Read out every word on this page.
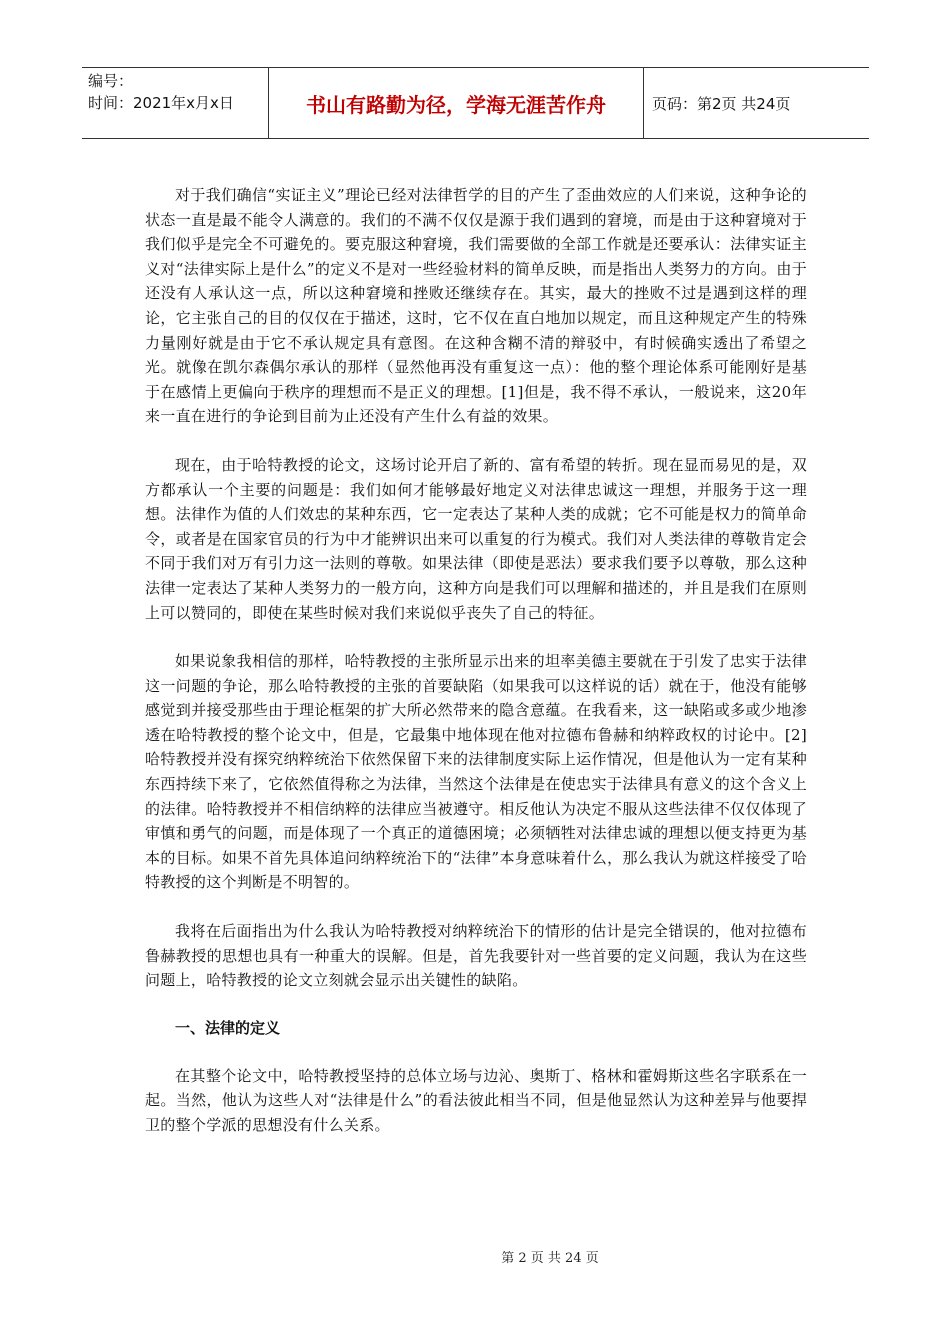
编号：
时间：2021年x月x日	书山有路勤为径，学海无涯苦作舟	页码：第2页 共24页

对于我们确信“实证主义”理论已经对法律哲学的目的产生了歪曲效应的人们来说，这种争论的状态一直是最不能令人满意的。我们的不满不仅仅是源于我们遇到的窘境，而是由于这种窘境对于我们似乎是完全不可避免的。要克服这种窘境，我们需要做的全部工作就是还要承认：法律实证主义对“法律实际上是什么”的定义不是对一些经验材料的简单反映，而是指出人类努力的方向。由于还没有人承认这一点，所以这种窘境和挫败还继续存在。其实，最大的挫败不过是遇到这样的理论，它主张自己的目的仅仅在于描述，这时，它不仅在直白地加以规定，而且这种规定产生的特殊力量刚好就是由于它不承认规定具有意图。在这种含糊不清的辩驳中，有时候确实透出了希望之光。就像在凯尔森偶尔承认的那样（显然他再没有重复这一点）：他的整个理论体系可能刚好是基于在感情上更偏向于秩序的理想而不是正义的理想。[1]但是，我不得不承认，一般说来，这20年来一直在进行的争论到目前为止还没有产生什么有益的效果。

现在，由于哈特教授的论文，这场讨论开启了新的、富有希望的转折。现在显而易见的是，双方都承认一个主要的问题是：我们如何才能够最好地定义对法律忠诚这一理想，并服务于这一理想。法律作为值的人们效忠的某种东西，它一定表达了某种人类的成就；它不可能是权力的简单命令，或者是在国家官员的行为中才能辨识出来可以重复的行为模式。我们对人类法律的尊敬肯定会不同于我们对万有引力这一法则的尊敬。如果法律（即使是恶法）要求我们要予以尊敬，那么这种法律一定表达了某种人类努力的一般方向，这种方向是我们可以理解和描述的，并且是我们在原则上可以赞同的，即使在某些时候对我们来说似乎丧失了自己的特征。

如果说象我相信的那样，哈特教授的主张所显示出来的坦率美德主要就在于引发了忠实于法律这一问题的争论，那么哈特教授的主张的首要缺陷（如果我可以这样说的话）就在于，他没有能够感觉到并接受那些由于理论框架的扩大所必然带来的隐含意蕴。在我看来，这一缺陷或多或少地渗透在哈特教授的整个论文中，但是，它最集中地体现在他对拉德布鲁赫和纳粹政权的讨论中。[2]哈特教授并没有探究纳粹统治下依然保留下来的法律制度实际上运作情况，但是他认为一定有某种东西持续下来了，它依然值得称之为法律，当然这个法律是在使忠实于法律具有意义的这个含义上的法律。哈特教授并不相信纳粹的法律应当被遵守。相反他认为决定不服从这些法律不仅仅体现了审慎和勇气的问题，而是体现了一个真正的道德困境；必须牺牲对法律忠诚的理想以便支持更为基本的目标。如果不首先具体追问纳粹统治下的“法律”本身意味着什么，那么我认为就这样接受了哈特教授的这个判断是不明智的。

我将在后面指出为什么我认为哈特教授对纳粹统治下的情形的估计是完全错误的，他对拉德布鲁赫教授的思想也具有一种重大的误解。但是，首先我要针对一些首要的定义问题，我认为在这些问题上，哈特教授的论文立刻就会显示出关键性的缺陷。

一、法律的定义

在其整个论文中，哈特教授坚持的总体立场与边沁、奥斯丁、格林和霍姆斯这些名字联系在一起。当然，他认为这些人对“法律是什么”的看法彼此相当不同，但是他显然认为这种差异与他要捍卫的整个学派的思想没有什么关系。

第 2 页 共 24 页
